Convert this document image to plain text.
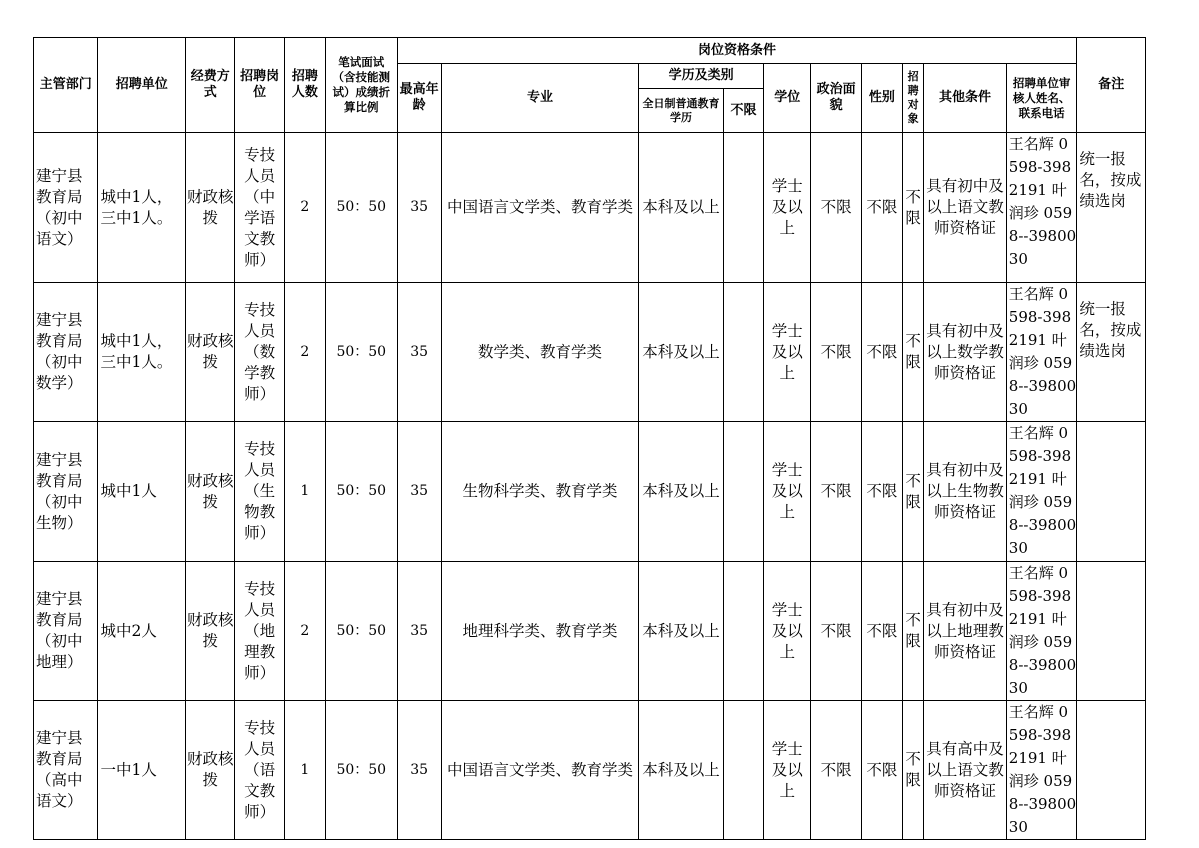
主管部门	招聘单位	经费方式	招聘岗位	招聘人数	笔试面试（含技能测试）成绩折算比例	岗位资格条件										备注
						最高年龄	专业	学历及类别		学位	政治面貌	性别	招聘对象	其他条件	招聘单位审核人姓名、联系电话	
								全日制普通教育学历	不限							
建宁县教育局（初中语文）	城中1人，三中1人。	财政核拨	专技人员（中学语文教师）	2	50：50	35	中国语言文学类、教育学类	本科及以上		学士及以上	不限	不限	不限	具有初中及以上语文教师资格证	王名辉 0598-3982191 叶润珍 0598--3980030	统一报名，按成绩选岗
建宁县教育局（初中数学）	城中1人，三中1人。	财政核拨	专技人员（数学教师）	2	50：50	35	数学类、教育学类	本科及以上		学士及以上	不限	不限	不限	具有初中及以上数学教师资格证	王名辉 0598-3982191 叶润珍 0598--3980030	统一报名，按成绩选岗
建宁县教育局（初中生物）	城中1人	财政核拨	专技人员（生物教师）	1	50：50	35	生物科学类、教育学类	本科及以上		学士及以上	不限	不限	不限	具有初中及以上生物教师资格证	王名辉 0598-3982191 叶润珍 0598--3980030	
建宁县教育局（初中地理）	城中2人	财政核拨	专技人员（地理教师）	2	50：50	35	地理科学类、教育学类	本科及以上		学士及以上	不限	不限	不限	具有初中及以上地理教师资格证	王名辉 0598-3982191 叶润珍 0598--3980030	
建宁县教育局（高中语文）	一中1人	财政核拨	专技人员（语文教师）	1	50：50	35	中国语言文学类、教育学类	本科及以上		学士及以上	不限	不限	不限	具有高中及以上语文教师资格证	王名辉 0598-3982191 叶润珍 0598--3980030	
